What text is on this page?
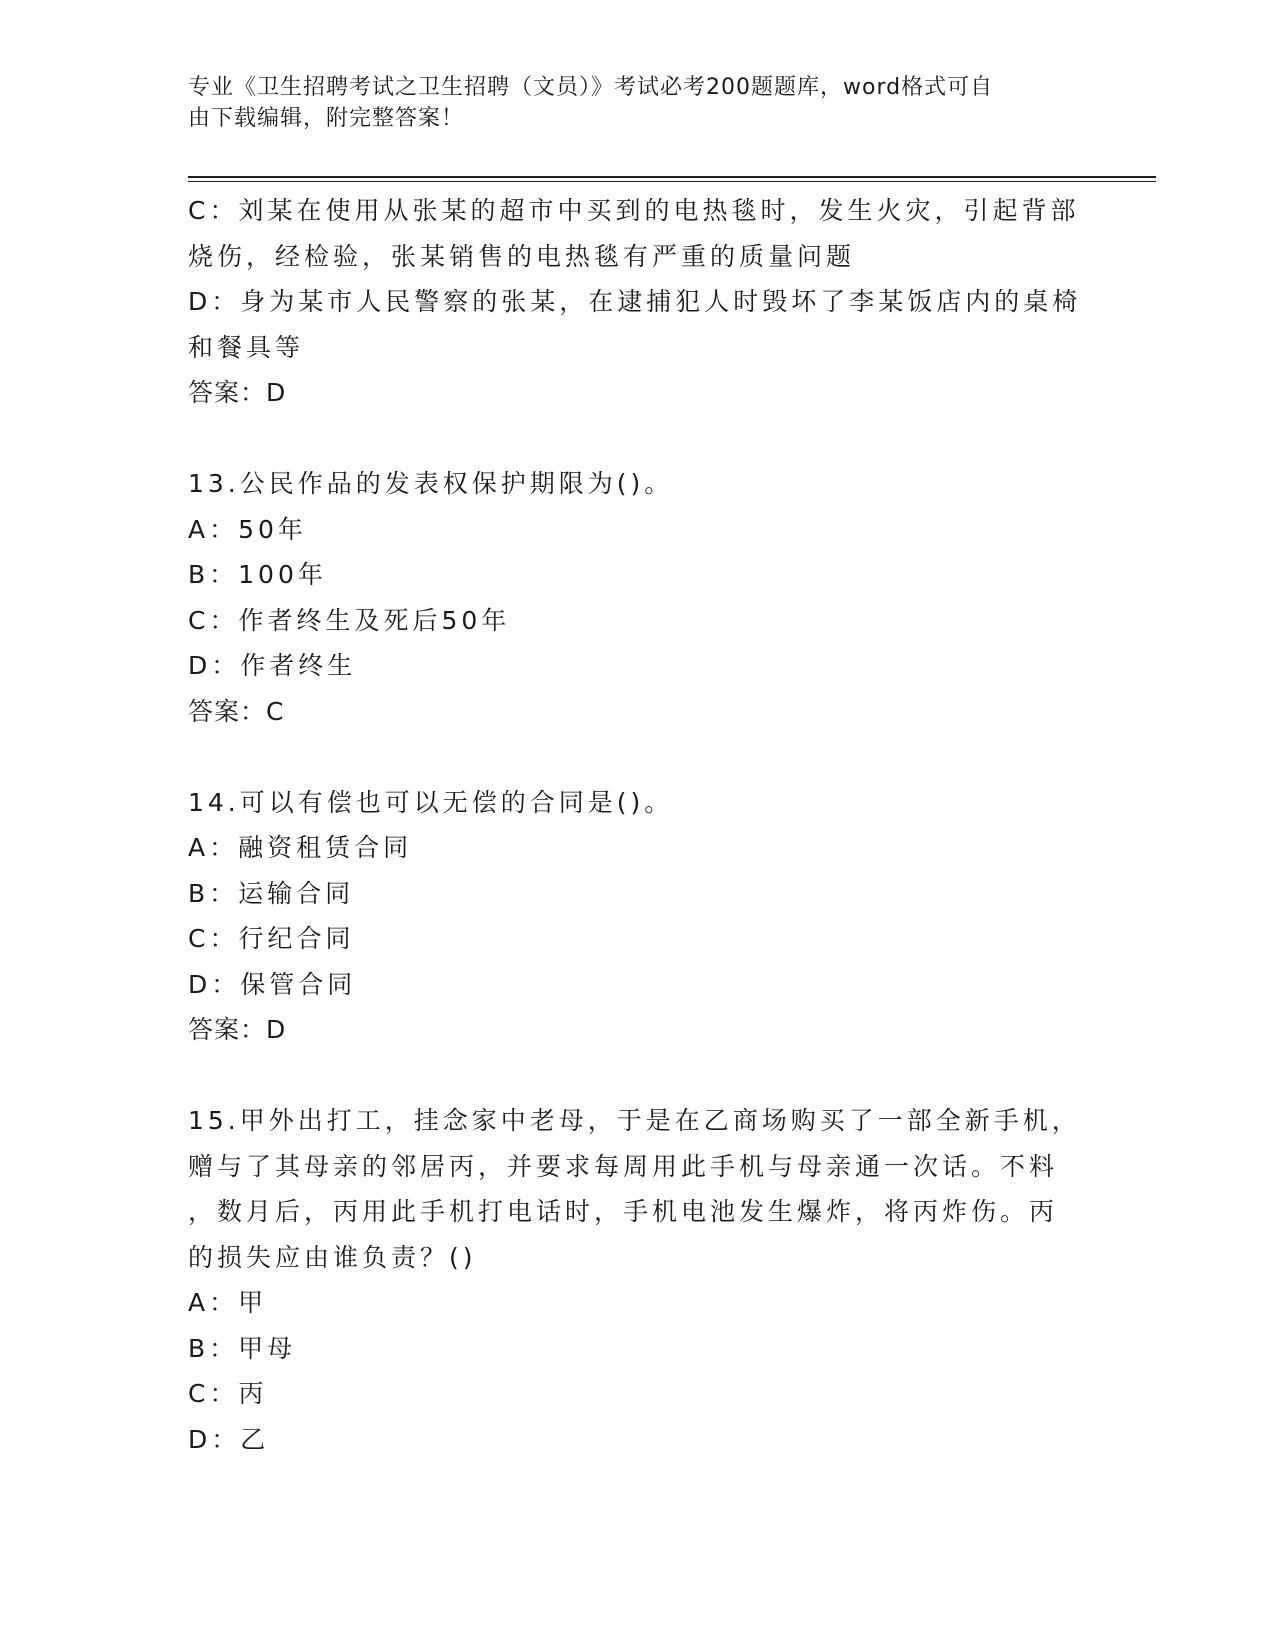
专业《卫生招聘考试之卫生招聘（文员）》考试必考200题题库，word格式可自
由下载编辑，附完整答案！
C：刘某在使用从张某的超市中买到的电热毯时，发生火灾，引起背部
烧伤，经检验，张某销售的电热毯有严重的质量问题
D：身为某市人民警察的张某，在逮捕犯人时毁坏了李某饭店内的桌椅
和餐具等
答案：D
13.公民作品的发表权保护期限为()。
A：50年
B：100年
C：作者终生及死后50年
D：作者终生
答案：C
14.可以有偿也可以无偿的合同是()。
A：融资租赁合同
B：运输合同
C：行纪合同
D：保管合同
答案：D
15.甲外出打工，挂念家中老母，于是在乙商场购买了一部全新手机，
赠与了其母亲的邻居丙，并要求每周用此手机与母亲通一次话。不料
，数月后，丙用此手机打电话时，手机电池发生爆炸，将丙炸伤。丙
的损失应由谁负责？()
A：甲
B：甲母
C：丙
D：乙
